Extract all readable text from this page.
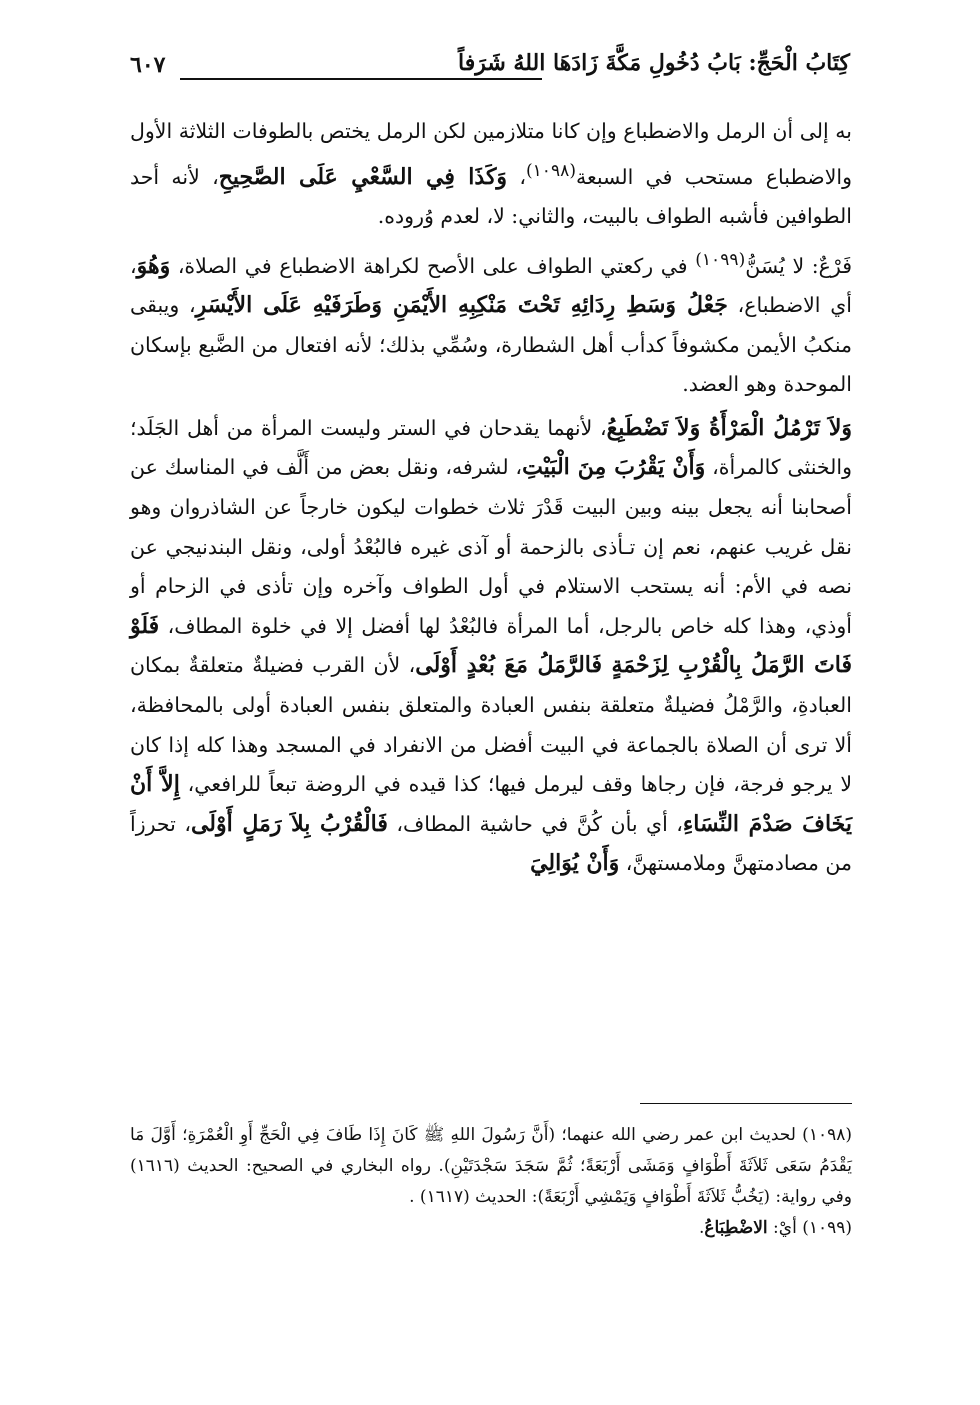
كِتَابُ الْحَجِّ: بَابُ دُخُولِ مَكَّةَ زَادَهَا اللهُ شَرَفاً
٦٠٧

به إلى أن الرمل والاضطباع وإن كانا متلازمين لكن الرمل يختص بالطوفات الثلاثة الأول والاضطباع مستحب في السبعة$^{(١٠٩٨)}$، وَكَذَا فِي السَّعْيِ عَلَى الصَّحِيحِ، لأنه أحد الطوافين فأشبه الطواف بالبيت، والثاني: لا، لعدم وُروده.

فَرْعٌ: لا يُسَنُّ$^{(١٠٩٩)}$ في ركعتي الطواف على الأصح لكراهة الاضطباع في الصلاة، وَهُوَ، أي الاضطباع، جَعْلُ وَسَطِ رِدَائِهِ تَحْتَ مَنْكِبِهِ الأَيْمَنِ وَطَرَفَيْهِ عَلَى الأَيْسَرِ، ويبقى منكبُ الأيمن مكشوفاً كدأب أهل الشطارة، وسُمِّي بذلك؛ لأنه افتعال من الضَّبع بإسكان الموحدة وهو العضد.

وَلاَ تَرْمُلُ الْمَرْأَةُ وَلاَ تَضْطَبِعُ، لأنهما يقدحان في الستر وليست المرأة من أهل الجَلَد؛ والخنثى كالمرأة، وَأَنْ يَقْرُبَ مِنَ الْبَيْتِ، لشرفه، ونقل بعض من أَلَّف في المناسك عن أصحابنا أنه يجعل بينه وبين البيت قَدْرَ ثلاث خطوات ليكون خارجاً عن الشاذروان وهو نقل غريب عنهم، نعم إن تـأذى بالزحمة أو آذى غيره فالبُعْدُ أولى، ونقل البندنيجي عن نصه في الأم: أنه يستحب الاستلام في أول الطواف وآخره وإن تأذى في الزحام أو أوذي، وهذا كله خاص بالرجل، أما المرأة فالبُعْدُ لها أفضل إلا في خلوة المطاف، فَلَوْ فَاتَ الرَّمَلُ بِالْقُرْبِ لِزَحْمَةٍ فَالرَّمَلُ مَعَ بُعْدٍ أَوْلَى، لأن القرب فضيلةٌ متعلقةٌ بمكان العبادةِ، والرَّمْلُ فضيلةٌ متعلقة بنفس العبادة والمتعلق بنفس العبادة أولى بالمحافظة، ألا ترى أن الصلاة بالجماعة في البيت أفضل من الانفراد في المسجد وهذا كله إذا كان لا يرجو فرجة، فإن رجاها وقف ليرمل فيها؛ كذا قيده في الروضة تبعاً للرافعي، إِلاَّ أَنْ يَخَافَ صَدْمَ النِّسَاءِ، أي بأن كُنَّ في حاشية المطاف، فَالْقُرْبُ بِلاَ رَمَلٍ أَوْلَى، تحرزاً من مصادمتهنَّ وملامستهنَّ، وَأَنْ يُوَالِيَ

(١٠٩٨) لحديث ابن عمر رضي الله عنهما؛ (أَنَّ رَسُولَ اللهِ ﷺ كَانَ إِذَا طَافَ فِي الْحَجِّ أَوِ الْعُمْرَةِ؛ أَوَّلَ مَا يَقْدَمُ سَعَى ثَلاَثَةَ أَطْوَافٍ وَمَشَى أَرْبَعَةً؛ ثُمَّ سَجَدَ سَجْدَتَيْنِ). رواه البخاري في الصحيح: الحديث (١٦١٦) وفي رواية: (يَخُبُّ ثَلاَثَةَ أَطْوَافٍ وَيَمْشِي أَرْبَعَةً): الحديث (١٦١٧) .

(١٠٩٩) أيْ: الاضْطِبَاعُ.
